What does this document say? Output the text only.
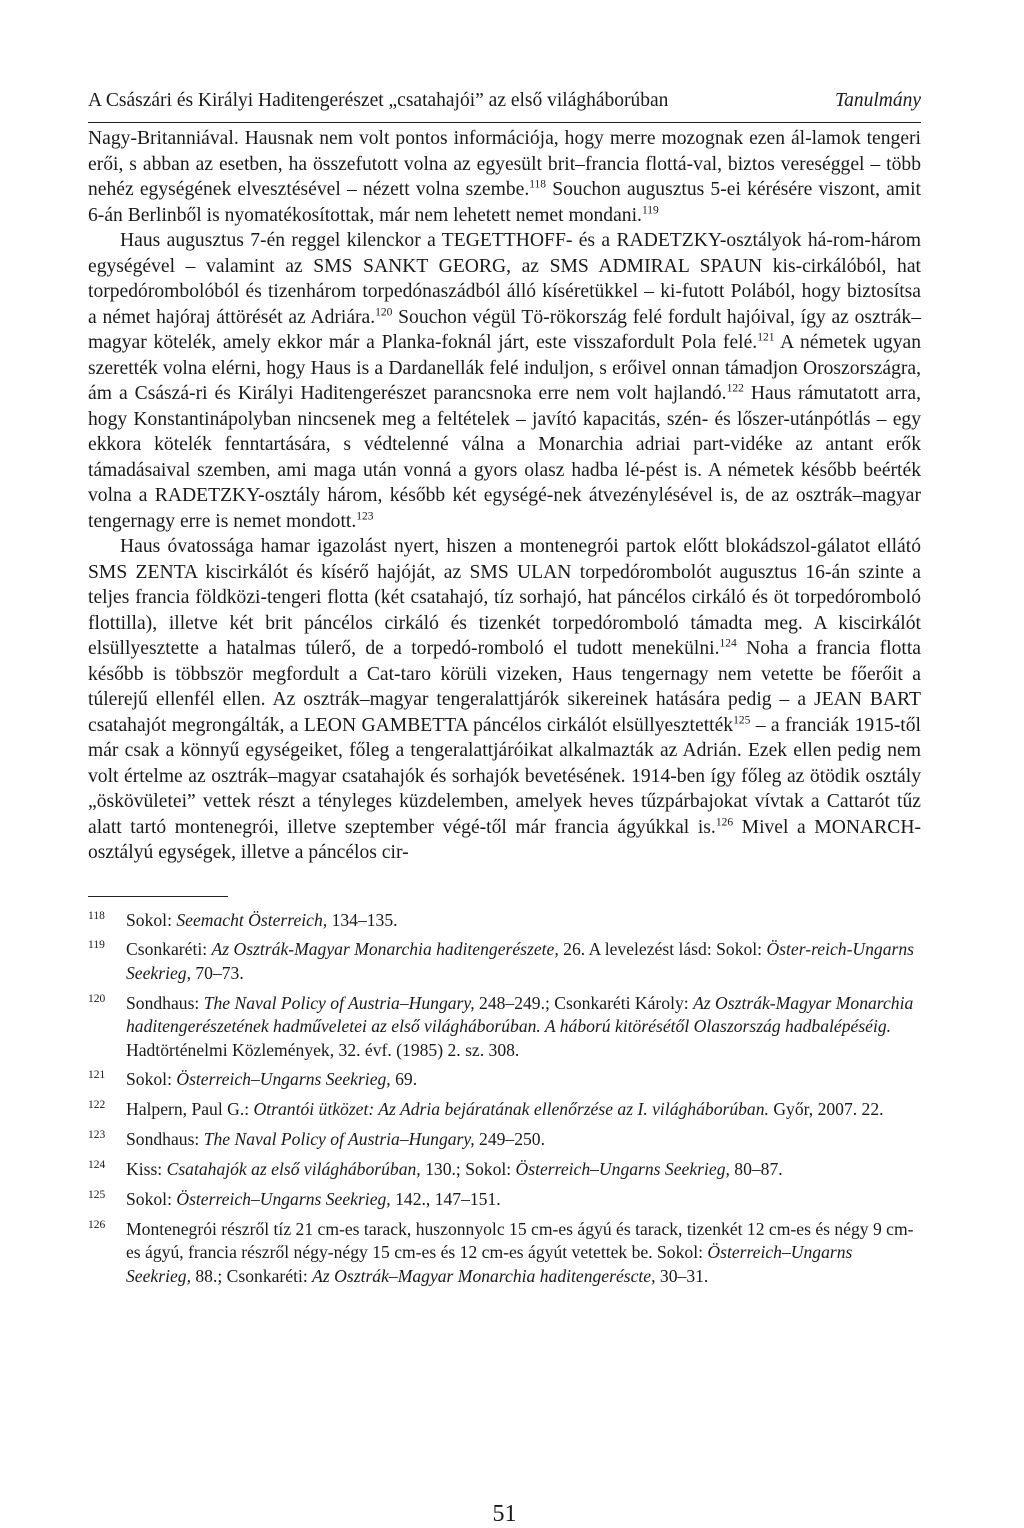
A Császári és Királyi Haditengerészet „csatahajói” az első világháborúban	Tanulmány

Nagy-Britanniával. Hausnak nem volt pontos információja, hogy merre mozognak ezen ál-lamok tengeri erői, s abban az esetben, ha összefutott volna az egyesült brit–francia flottá-val, biztos vereséggel – több nehéz egységének elvesztésével – nézett volna szembe.$^{118}$ Souchon augusztus 5-ei kérésére viszont, amit 6-án Berlinből is nyomatékosítottak, már nem lehetett nemet mondani.$^{119}$

Haus augusztus 7-én reggel kilenckor a TEGETTHOFF- és a RADETZKY-osztályok há-rom-három egységével – valamint az SMS SANKT GEORG, az SMS ADMIRAL SPAUN kis-cirkálóból, hat torpedórombolóból és tizenhárom torpedónaszádból álló kíséretükkel – ki-futott Polából, hogy biztosítsa a német hajóraj áttörését az Adriára.$^{120}$ Souchon végül Tö-rökország felé fordult hajóival, így az osztrák–magyar kötelék, amely ekkor már a Planka-foknál járt, este visszafordult Pola felé.$^{121}$ A németek ugyan szerették volna elérni, hogy Haus is a Dardanellák felé induljon, s erőivel onnan támadjon Oroszországra, ám a Császá-ri és Királyi Haditengerészet parancsnoka erre nem volt hajlandó.$^{122}$ Haus rámutatott arra, hogy Konstantinápolyban nincsenek meg a feltételek – javító kapacitás, szén- és lőszer-utánpótlás – egy ekkora kötelék fenntartására, s védtelenné válna a Monarchia adriai part-vidéke az antant erők támadásaival szemben, ami maga után vonná a gyors olasz hadba lé-pést is. A németek később beérték volna a RADETZKY-osztály három, később két egységé-nek átvezénylésével is, de az osztrák–magyar tengernagy erre is nemet mondott.$^{123}$

Haus óvatossága hamar igazolást nyert, hiszen a montenegrói partok előtt blokádszol-gálatot ellátó SMS ZENTA kiscirkálót és kísérő hajóját, az SMS ULAN torpedórombolót augusztus 16-án szinte a teljes francia földközi-tengeri flotta (két csatahajó, tíz sorhajó, hat páncélos cirkáló és öt torpedóromboló flottilla), illetve két brit páncélos cirkáló és tizenkét torpedóromboló támadta meg. A kiscirkálót elsüllyesztette a hatalmas túlerő, de a torpedó-romboló el tudott menekülni.$^{124}$ Noha a francia flotta később is többször megfordult a Cat-taro körüli vizeken, Haus tengernagy nem vetette be főerőit a túlerejű ellenfél ellen. Az osztrák–magyar tengeralattjárók sikereinek hatására pedig – a JEAN BART csatahajót megrongálták, a LEON GAMBETTA páncélos cirkálót elsüllyesztették$^{125}$ – a franciák 1915-től már csak a könnyű egységeiket, főleg a tengeralattjáróikat alkalmazták az Adrián. Ezek ellen pedig nem volt értelme az osztrák–magyar csatahajók és sorhajók bevetésének. 1914-ben így főleg az ötödik osztály „öskövületei” vettek részt a tényleges küzdelemben, amelyek heves tűzpárbajokat vívtak a Cattarót tűz alatt tartó montenegrói, illetve szeptember végé-től már francia ágyúkkal is.$^{126}$ Mivel a MONARCH-osztályú egységek, illetve a páncélos cir-

118	Sokol: Seemacht Österreich, 134–135.
119	Csonkaréti: Az Osztrák-Magyar Monarchia haditengerészete, 26. A levelezést lásd: Sokol: Öster-reich-Ungarns Seekrieg, 70–73.
120	Sondhaus: The Naval Policy of Austria–Hungary, 248–249.; Csonkaréti Károly: Az Osztrák-Magyar Monarchia haditengerészetének hadműveletei az első világháborúban. A háború kitörésétől Olaszország hadbalépéséig. Hadtörténelmi Közlemények, 32. évf. (1985) 2. sz. 308.
121	Sokol: Österreich–Ungarns Seekrieg, 69.
122	Halpern, Paul G.: Otrantói ütközet: Az Adria bejáratának ellenőrzése az I. világháborúban. Győr, 2007. 22.
123	Sondhaus: The Naval Policy of Austria–Hungary, 249–250.
124	Kiss: Csatahajók az első világháborúban, 130.; Sokol: Österreich–Ungarns Seekrieg, 80–87.
125	Sokol: Österreich–Ungarns Seekrieg, 142., 147–151.
126	Montenegrói részről tíz 21 cm-es tarack, huszonnyolc 15 cm-es ágyú és tarack, tizenkét 12 cm-es és négy 9 cm-es ágyú, francia részről négy-négy 15 cm-es és 12 cm-es ágyút vetettek be. Sokol: Österreich–Ungarns Seekrieg, 88.; Csonkaréti: Az Osztrák–Magyar Monarchia haditengeréscte, 30–31.
51
